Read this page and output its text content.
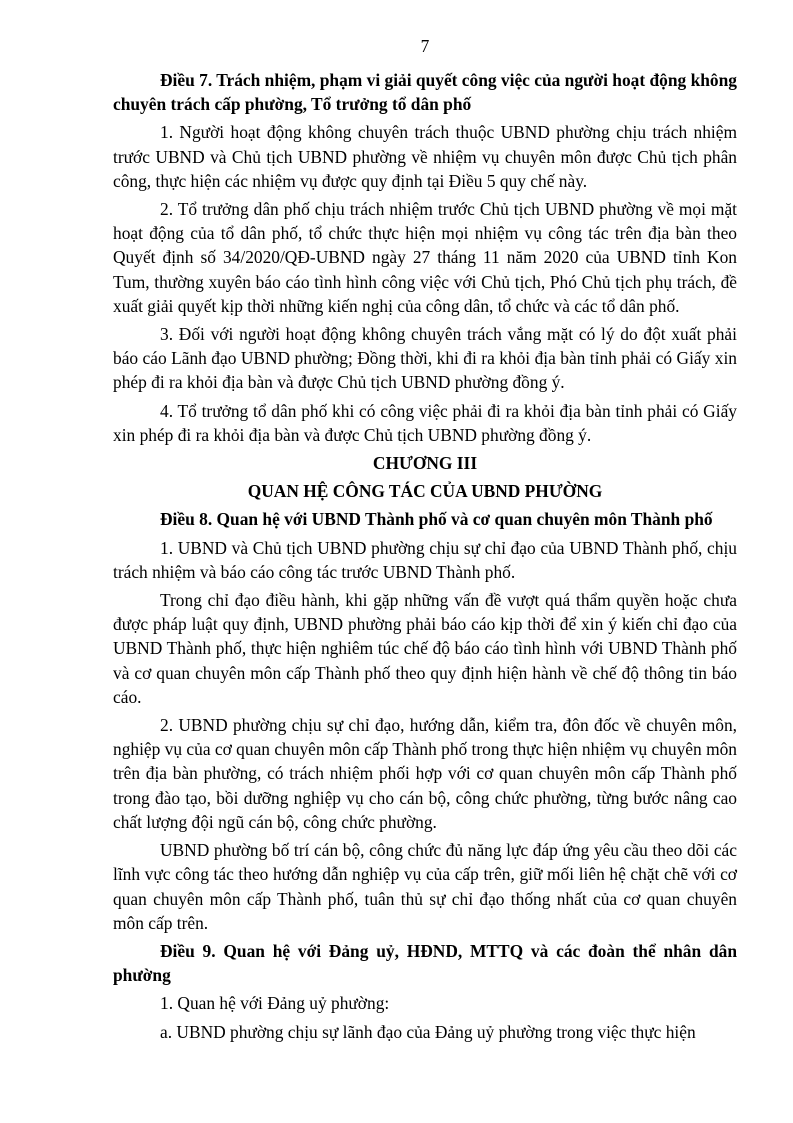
7
Điều 7. Trách nhiệm, phạm vi giải quyết công việc của người hoạt động không chuyên trách cấp phường, Tổ trưởng tổ dân phố
1. Người hoạt động không chuyên trách thuộc UBND phường chịu trách nhiệm trước UBND và Chủ tịch UBND phường về nhiệm vụ chuyên môn được Chủ tịch phân công, thực hiện các nhiệm vụ được quy định tại Điều 5 quy chế này.
2. Tổ trưởng dân phố chịu trách nhiệm trước Chủ tịch UBND phường về mọi mặt hoạt động của tổ dân phố, tổ chức thực hiện mọi nhiệm vụ công tác trên địa bàn theo Quyết định số 34/2020/QĐ-UBND ngày 27 tháng 11 năm 2020 của UBND tỉnh Kon Tum, thường xuyên báo cáo tình hình công việc với Chủ tịch, Phó Chủ tịch phụ trách, đề xuất giải quyết kịp thời những kiến nghị của công dân, tổ chức và các tổ dân phố.
3. Đối với người hoạt động không chuyên trách vắng mặt có lý do đột xuất phải báo cáo Lãnh đạo UBND phường; Đồng thời, khi đi ra khỏi địa bàn tỉnh phải có Giấy xin phép đi ra khỏi địa bàn và được Chủ tịch UBND phường đồng ý.
4. Tổ trưởng tổ dân phố khi có công việc phải đi ra khỏi địa bàn tỉnh phải có Giấy xin phép đi ra khỏi địa bàn và được Chủ tịch UBND phường đồng ý.
CHƯƠNG III
QUAN HỆ CÔNG TÁC CỦA UBND PHƯỜNG
Điều 8. Quan hệ với UBND Thành phố và cơ quan chuyên môn Thành phố
1. UBND và Chủ tịch UBND phường chịu sự chỉ đạo của UBND Thành phố, chịu trách nhiệm và báo cáo công tác trước UBND Thành phố.
Trong chỉ đạo điều hành, khi gặp những vấn đề vượt quá thẩm quyền hoặc chưa được pháp luật quy định, UBND phường phải báo cáo kịp thời để xin ý kiến chỉ đạo của UBND Thành phố, thực hiện nghiêm túc chế độ báo cáo tình hình với UBND Thành phố và cơ quan chuyên môn cấp Thành phố theo quy định hiện hành về chế độ thông tin báo cáo.
2. UBND phường chịu sự chỉ đạo, hướng dẫn, kiểm tra, đôn đốc về chuyên môn, nghiệp vụ của cơ quan chuyên môn cấp Thành phố trong thực hiện nhiệm vụ chuyên môn trên địa bàn phường, có trách nhiệm phối hợp với cơ quan chuyên môn cấp Thành phố trong đào tạo, bồi dưỡng nghiệp vụ cho cán bộ, công chức phường, từng bước nâng cao chất lượng đội ngũ cán bộ, công chức phường.
UBND phường bố trí cán bộ, công chức đủ năng lực đáp ứng yêu cầu theo dõi các lĩnh vực công tác theo hướng dẫn nghiệp vụ của cấp trên, giữ mối liên hệ chặt chẽ với cơ quan chuyên môn cấp Thành phố, tuân thủ sự chỉ đạo thống nhất của cơ quan chuyên môn cấp trên.
Điều 9. Quan hệ với Đảng uỷ, HĐND, MTTQ và các đoàn thể nhân dân phường
1. Quan hệ với Đảng uỷ phường:
a. UBND phường chịu sự lãnh đạo của Đảng uỷ phường trong việc thực hiện
